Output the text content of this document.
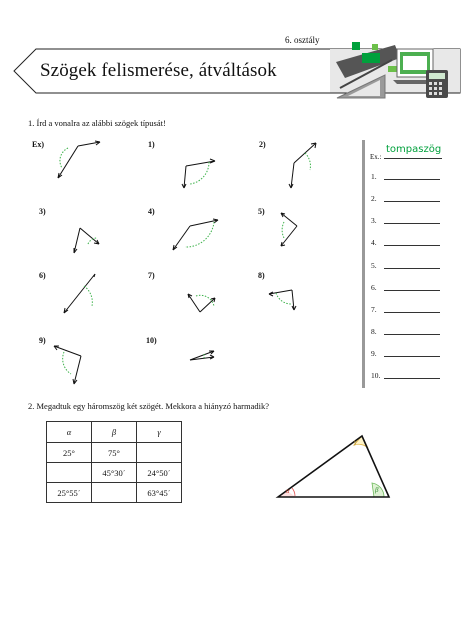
6. osztály
Szögek felismerése, átváltások
1. Írd a vonalra az alábbi szögek típusát!
Ex)	1)	2)
3)	4)	5)
6)	7)	8)
9)	10)
tompaszög
Ex.:
1.
2.
3.
4.
5.
6.
7.
8.
9.
10.
2. Megadtuk egy háromszög két szögét. Mekkora a hiányzó harmadik?
α	β	γ
25°	75°	
	45°30΄	24°50΄
25°55΄		63°45΄	α	β
γ
